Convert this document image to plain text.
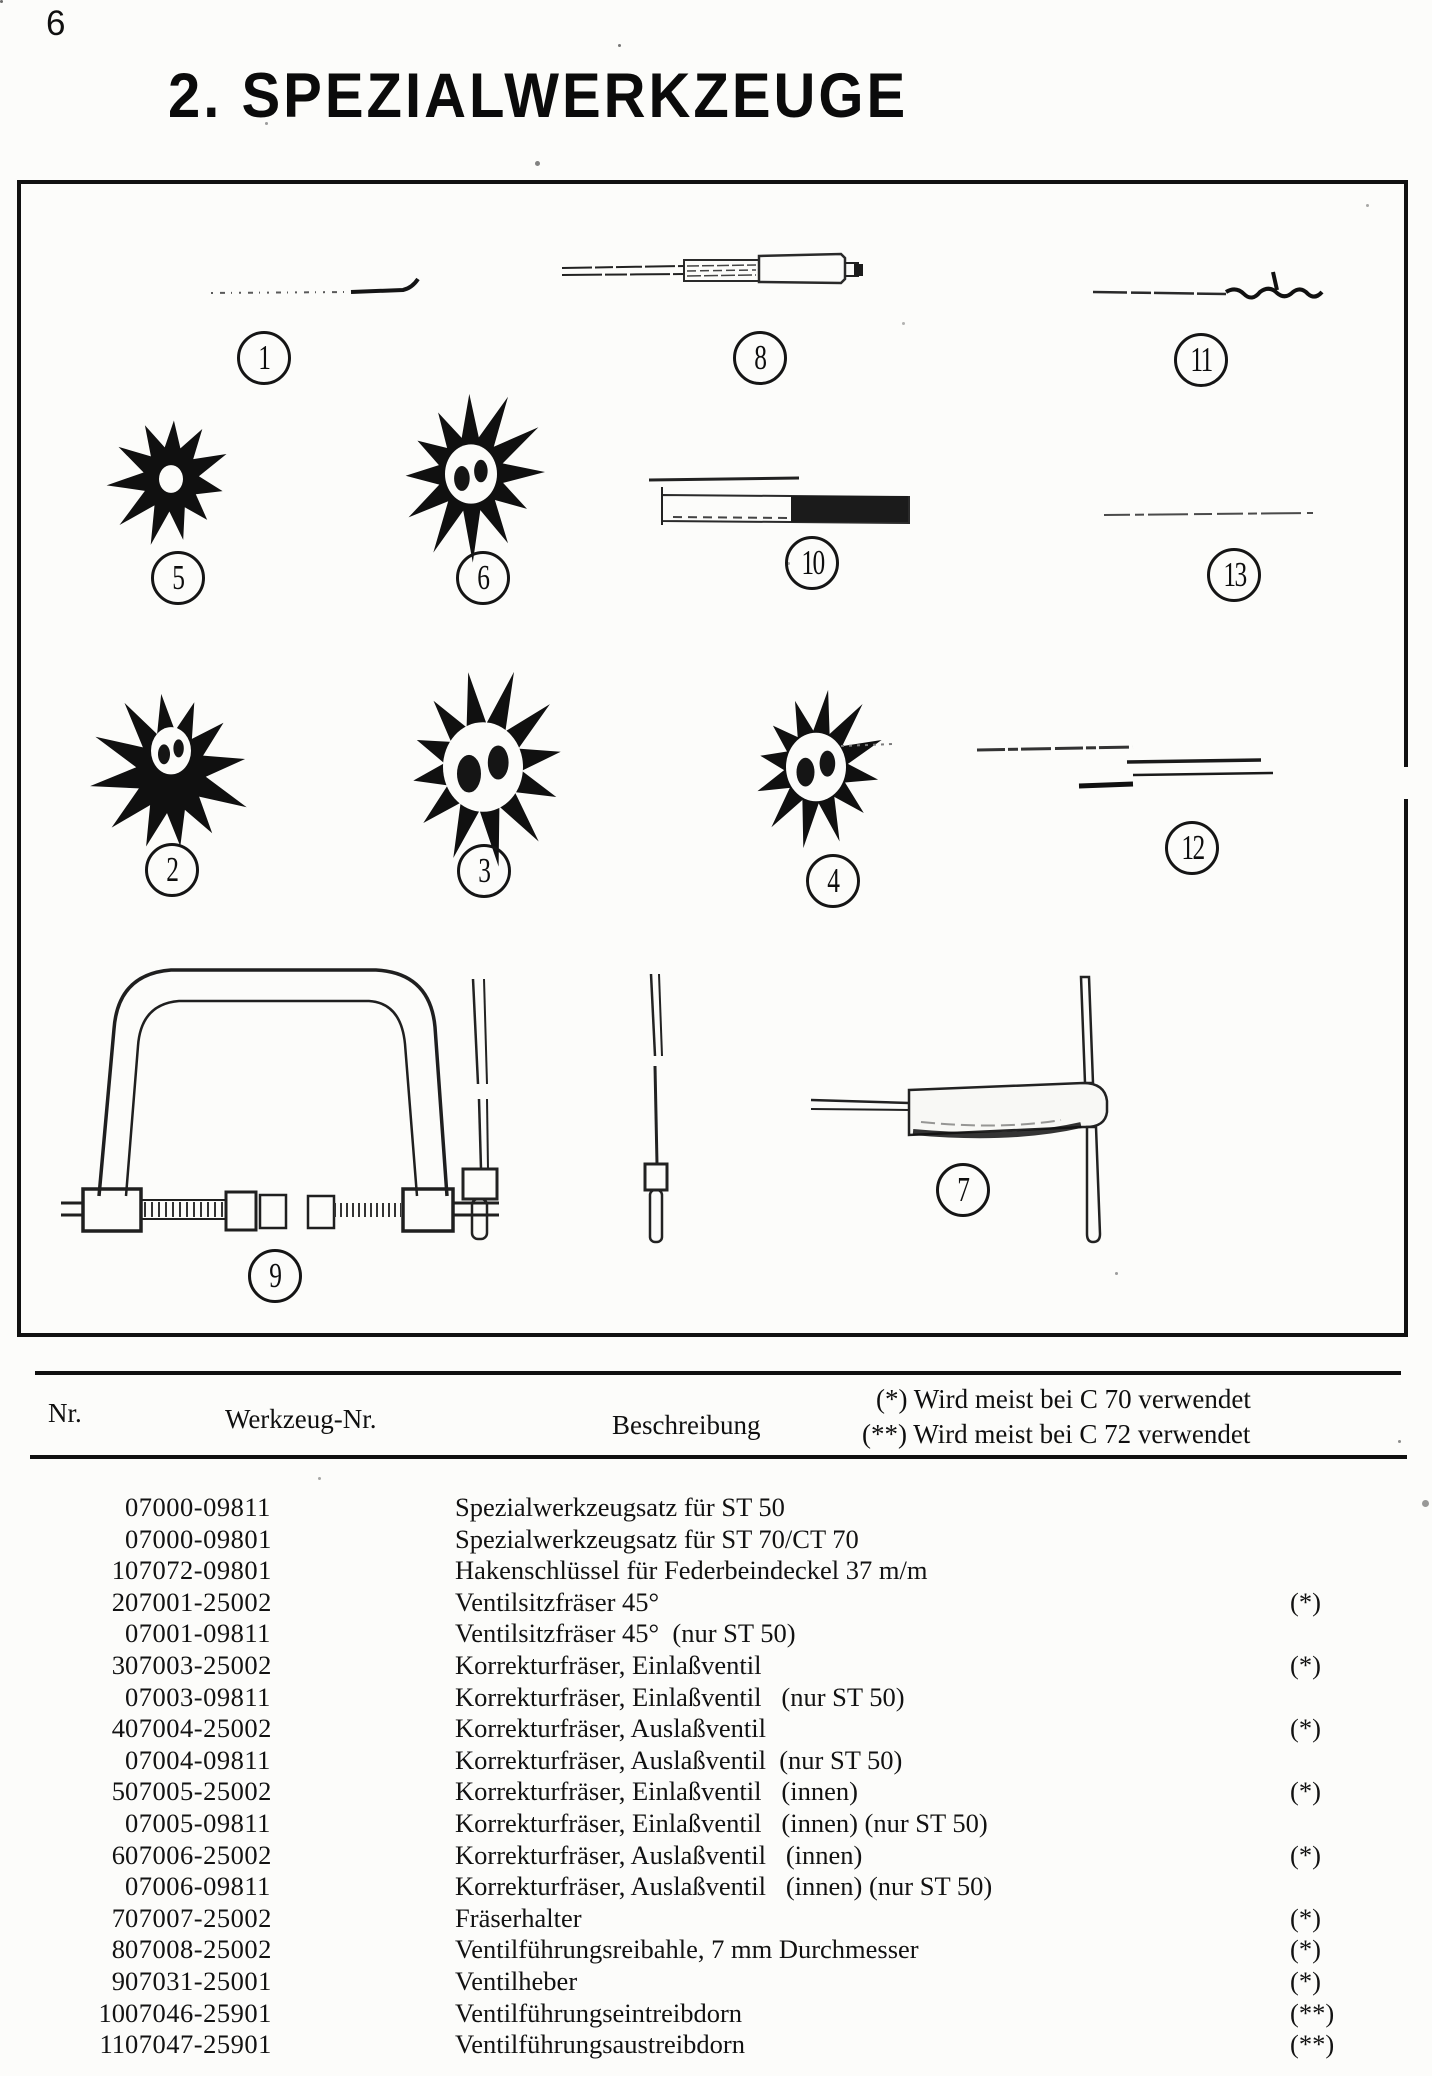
6
2. SPEZIALWERKZEUGE
1	8	11
5	6	10	13
2	3	4
12
9
7
Nr.	Werkzeug-Nr.	Beschreibung
(*) Wird meist bei C 70 verwendet
(**) Wird meist bei C 72 verwendet
	07000-09811	Spezialwerkzeugsatz für ST 50	
	07000-09801	Spezialwerkzeugsatz für ST 70/CT 70	
1	07072-09801	Hakenschlüssel für Federbeindeckel 37 m/m	
2	07001-25002	Ventilsitzfräser 45°	(*)
	07001-09811	Ventilsitzfräser 45°  (nur ST 50)	
3	07003-25002	Korrekturfräser, Einlaßventil	(*)
	07003-09811	Korrekturfräser, Einlaßventil   (nur ST 50)	
4	07004-25002	Korrekturfräser, Auslaßventil	(*)
	07004-09811	Korrekturfräser, Auslaßventil  (nur ST 50)	
5	07005-25002	Korrekturfräser, Einlaßventil   (innen)	(*)
	07005-09811	Korrekturfräser, Einlaßventil   (innen) (nur ST 50)	
6	07006-25002	Korrekturfräser, Auslaßventil   (innen)	(*)
	07006-09811	Korrekturfräser, Auslaßventil   (innen) (nur ST 50)	
7	07007-25002	Fräserhalter	(*)
8	07008-25002	Ventilführungsreibahle, 7 mm Durchmesser	(*)
9	07031-25001	Ventilheber	(*)
10	07046-25901	Ventilführungseintreibdorn	(**)
11	07047-25901	Ventilführungsaustreibdorn	(**)
